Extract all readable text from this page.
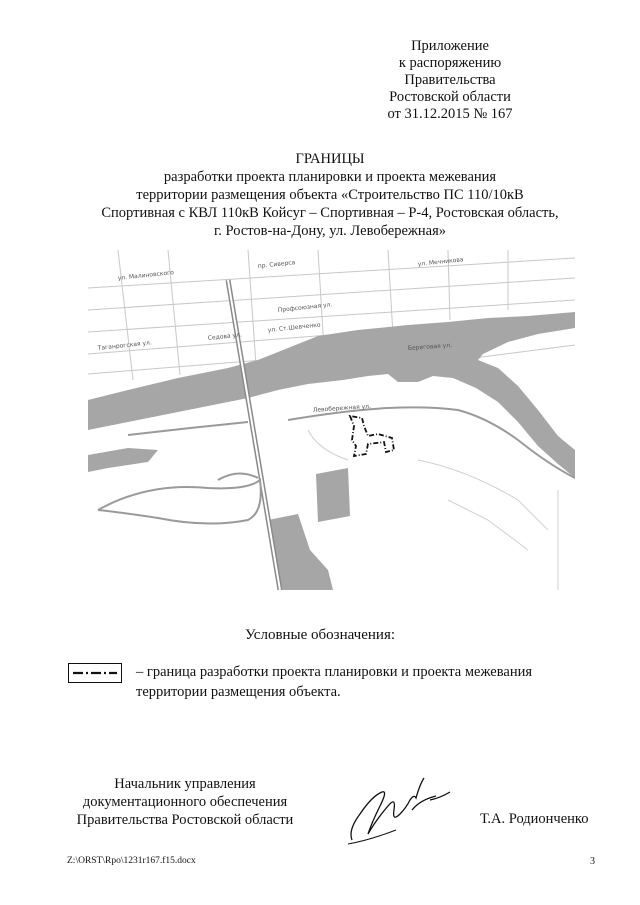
Приложение
к распоряжению
Правительства
Ростовской области
от 31.12.2015 № 167
ГРАНИЦЫ
разработки проекта планировки и проекта межевания
территории размещения объекта «Строительство ПС 110/10кВ
Спортивная с КВЛ 110кВ Койсуг – Спортивная – Р-4, Ростовская область,
г. Ростов-на-Дону, ул. Левобережная»
ул. Малиновского
пр. Сиверса	ул. Мечникова
Профсоюзная ул.
ул. Ст.Шевченко
Таганрогская ул.
Левобережная ул.
Береговая ул.
Седова ул.
Условные обозначения:
– граница разработки проекта планировки и проекта межевания
территории размещения объекта.
Начальник управления
документационного обеспечения
Правительства Ростовской области	Т.А. Родионченко
Z:\ORST\Rpo\1231r167.f15.docx	3
